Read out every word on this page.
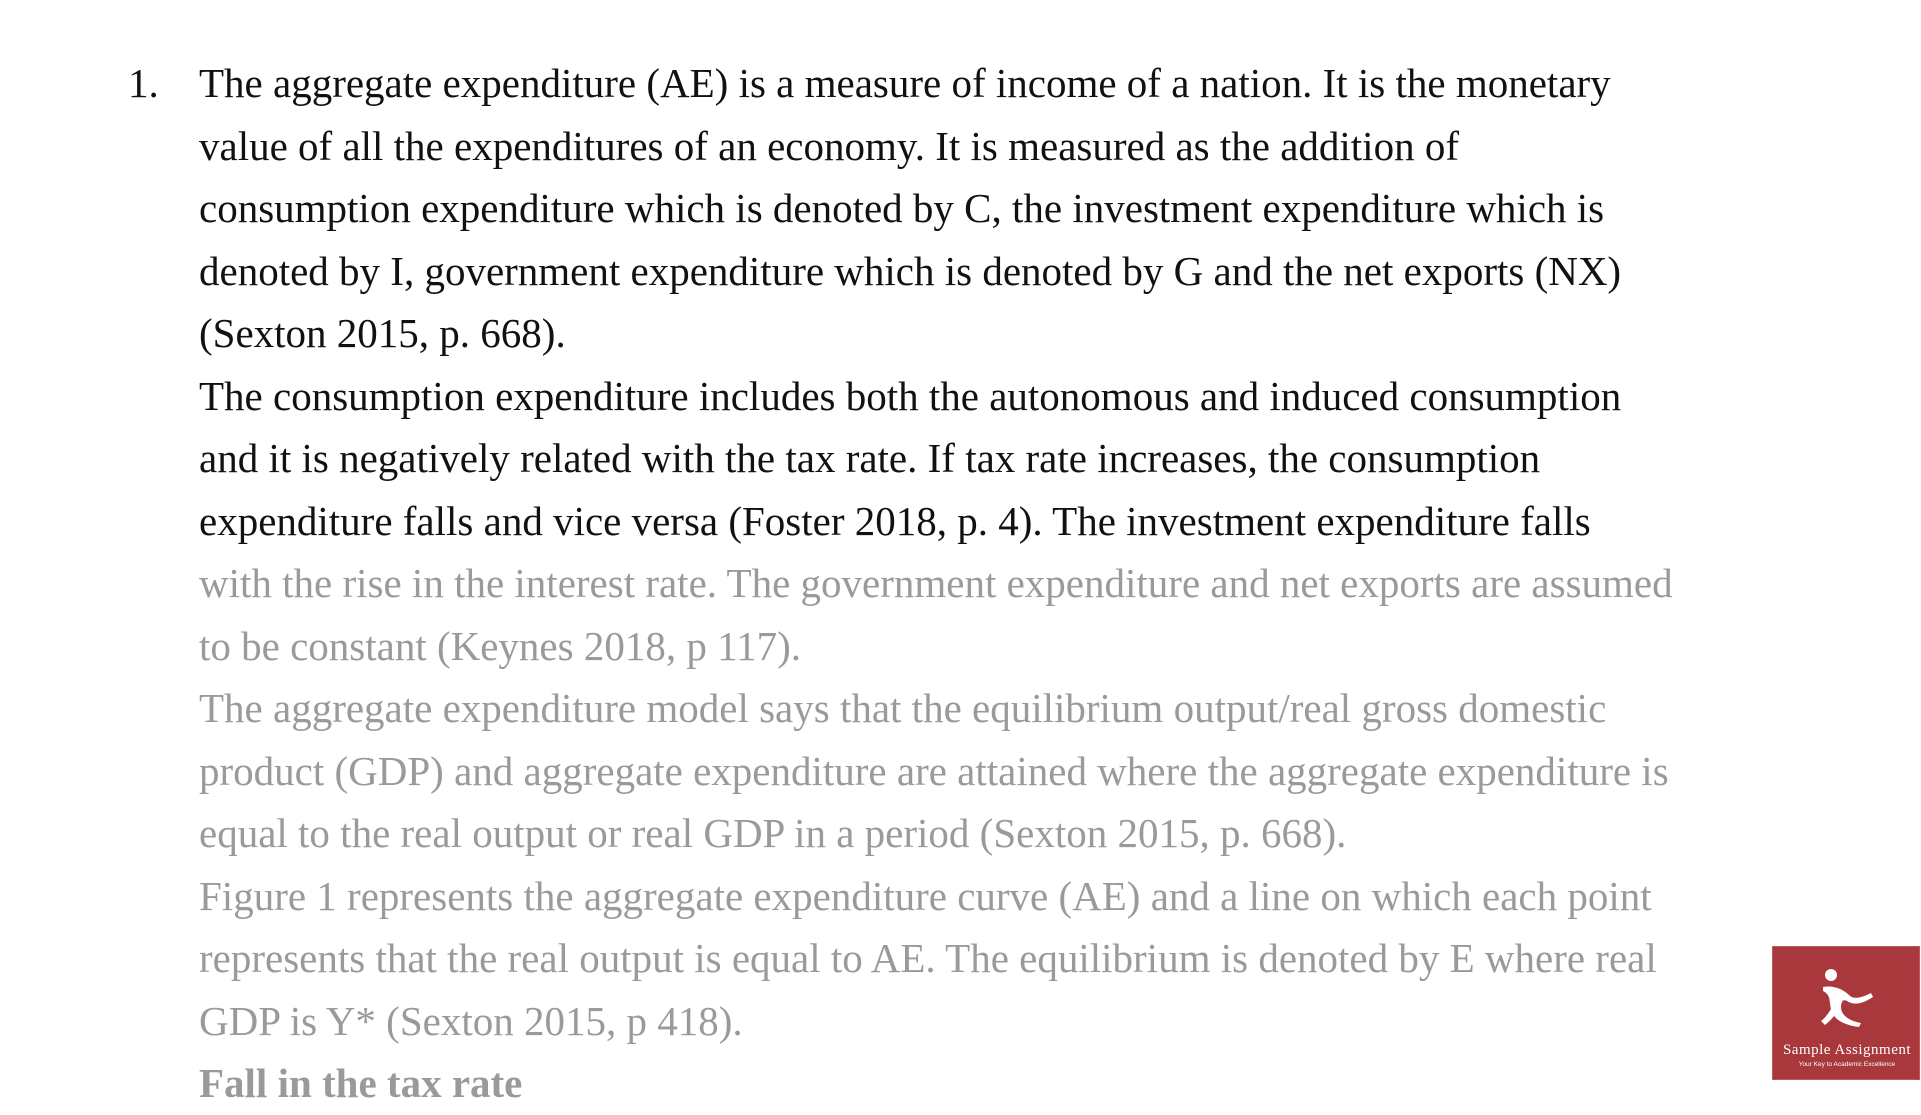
1. The aggregate expenditure (AE) is a measure of income of a nation. It is the monetary
value of all the expenditures of an economy. It is measured as the addition of
consumption expenditure which is denoted by C, the investment expenditure which is
denoted by I, government expenditure which is denoted by G and the net exports (NX)
(Sexton 2015, p. 668).
The consumption expenditure includes both the autonomous and induced consumption
and it is negatively related with the tax rate. If tax rate increases, the consumption
expenditure falls and vice versa (Foster 2018, p. 4). The investment expenditure falls
with the rise in the interest rate. The government expenditure and net exports are assumed
to be constant (Keynes 2018, p 117).
The aggregate expenditure model says that the equilibrium output/real gross domestic
product (GDP) and aggregate expenditure are attained where the aggregate expenditure is
equal to the real output or real GDP in a period (Sexton 2015, p. 668).
Figure 1 represents the aggregate expenditure curve (AE) and a line on which each point
represents that the real output is equal to AE. The equilibrium is denoted by E where real
GDP is Y* (Sexton 2015, p 418).
Fall in the tax rate
Sample Assignment
Your Key to Academic Excellence
